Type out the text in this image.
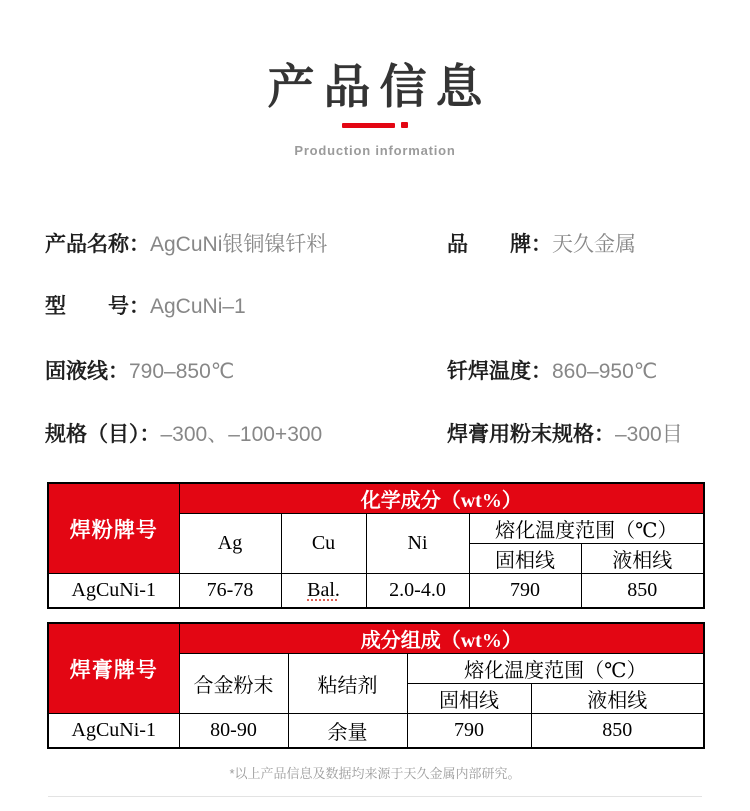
产品信息
Production information
产品名称：AgCuNi银铜镍钎料	品　　牌：天久金属
型　　号：AgCuNi–1
固液线：790–850℃	钎焊温度：860–950℃
规格（目）：–300、–100+300	焊膏用粉末规格：–300目
焊粉牌号	化学成分（wt%）				
	Ag	Cu	Ni	熔化温度范围（℃）	
				固相线	液相线
AgCuNi-1	76-78	Bal.	2.0-4.0	790	850
焊膏牌号	成分组成（wt%）			
	合金粉末	粘结剂	熔化温度范围（℃）	
			固相线	液相线
AgCuNi-1	80-90	余量	790	850
*以上产品信息及数据均来源于天久金属内部研究。
